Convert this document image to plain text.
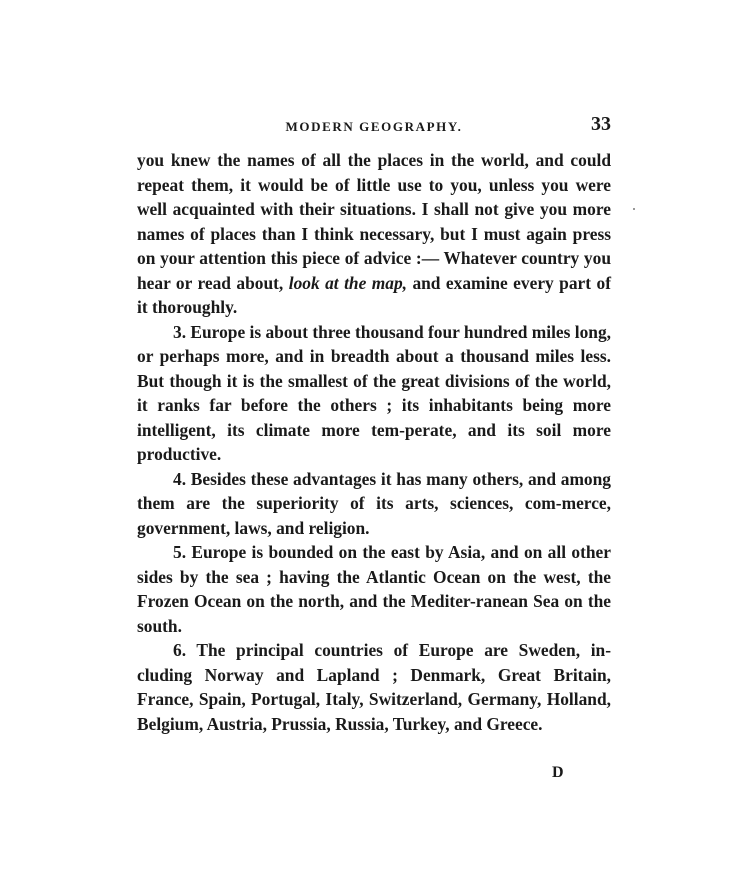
MODERN GEOGRAPHY.	33

you knew the names of all the places in the world, and could repeat them, it would be of little use to you, unless you were well acquainted with their situations. I shall not give you more names of places than I think necessary, but I must again press on your attention this piece of advice :— Whatever country you hear or read about, look at the map, and examine every part of it thoroughly.

3. Europe is about three thousand four hundred miles long, or perhaps more, and in breadth about a thousand miles less. But though it is the smallest of the great divisions of the world, it ranks far before the others ; its inhabitants being more intelligent, its climate more tem-perate, and its soil more productive.

4. Besides these advantages it has many others, and among them are the superiority of its arts, sciences, com-merce, government, laws, and religion.

5. Europe is bounded on the east by Asia, and on all other sides by the sea ; having the Atlantic Ocean on the west, the Frozen Ocean on the north, and the Mediter-ranean Sea on the south.

6. The principal countries of Europe are Sweden, in-cluding Norway and Lapland ; Denmark, Great Britain, France, Spain, Portugal, Italy, Switzerland, Germany, Holland, Belgium, Austria, Prussia, Russia, Turkey, and Greece.

D
